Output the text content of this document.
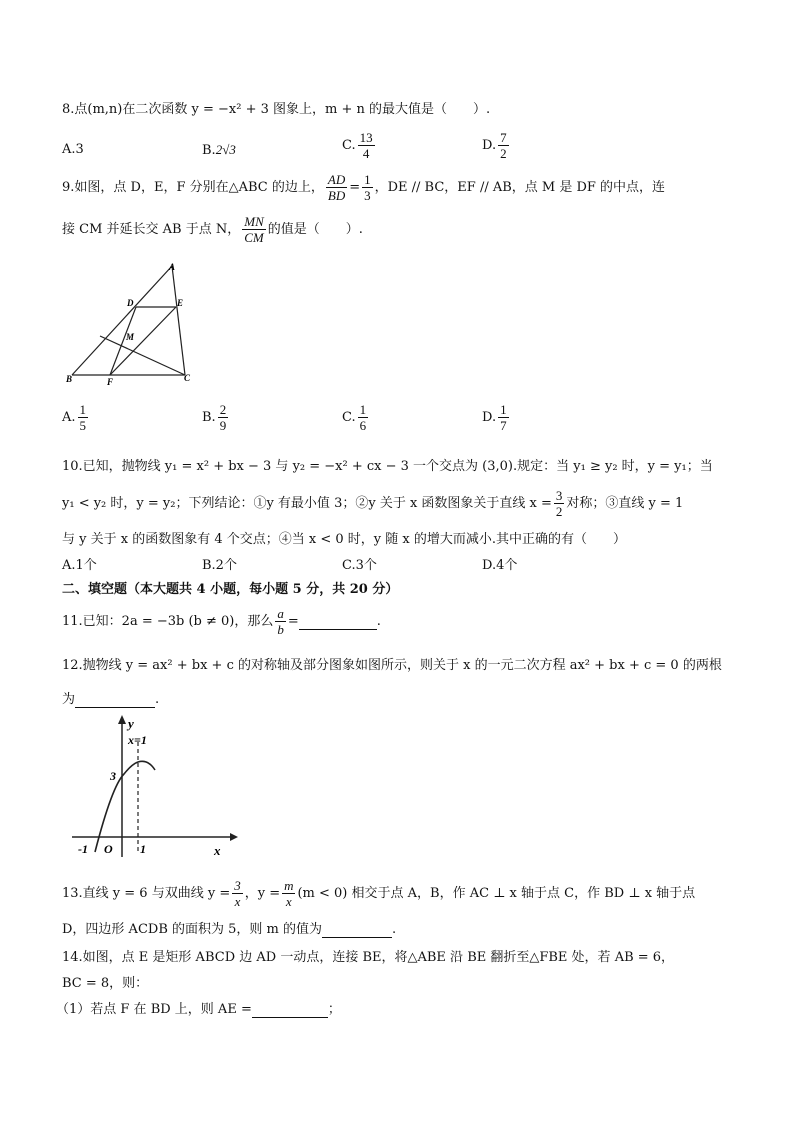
8.点(m,n)在二次函数 y = −x² + 3 图象上，m + n 的最大值是（　　）.
A.3	B.2√3	C. $\frac{13}{4}$	D. $\frac{7}{2}$
9.如图，点 D，E，F 分别在△ABC 的边上， $\frac{AD}{BD} = \frac{1}{3}$ ，DE // BC，EF // AB，点 M 是 DF 的中点，连
接 CM 并延长交 AB 于点 N， $\frac{MN}{CM}$ 的值是（　　）.
A
B	C
D	E
F
M
A. $\frac{1}{5}$	B. $\frac{2}{9}$	C. $\frac{1}{6}$	D. $\frac{1}{7}$
10.已知，抛物线 y₁ = x² + bx − 3 与 y₂ = −x² + cx − 3 一个交点为 (3,0).规定：当 y₁ ≥ y₂ 时，y = y₁；当
y₁ < y₂ 时，y = y₂；下列结论：①y 有最小值 3；②y 关于 x 函数图象关于直线 $x = \frac{3}{2}$ 对称；③直线 y = 1
与 y 关于 x 的函数图象有 4 个交点；④当 x < 0 时，y 随 x 的增大而减小.其中正确的有（　　）
A.1个	B.2个	C.3个	D.4个
二、填空题（本大题共 4 小题，每小题 5 分，共 20 分）
11.已知：2a = −3b (b ≠ 0)，那么 $\frac{a}{b}$ =	.
12.抛物线 y = ax² + bx + c 的对称轴及部分图象如图所示，则关于 x 的一元二次方程 ax² + bx + c = 0 的两根
为	.
y
x=1
3
-1 O 1	x
13.直线 y = 6 与双曲线 $y = \frac{3}{x}$ ，$y = \frac{m}{x} (m < 0)$ 相交于点 A，B，作 AC ⊥ x 轴于点 C，作 BD ⊥ x 轴于点
D，四边形 ACDB 的面积为 5，则 m 的值为	.
14.如图，点 E 是矩形 ABCD 边 AD 一动点，连接 BE，将△ABE 沿 BE 翻折至△FBE 处，若 AB = 6，
BC = 8，则：
（1）若点 F 在 BD 上，则 AE =	；
